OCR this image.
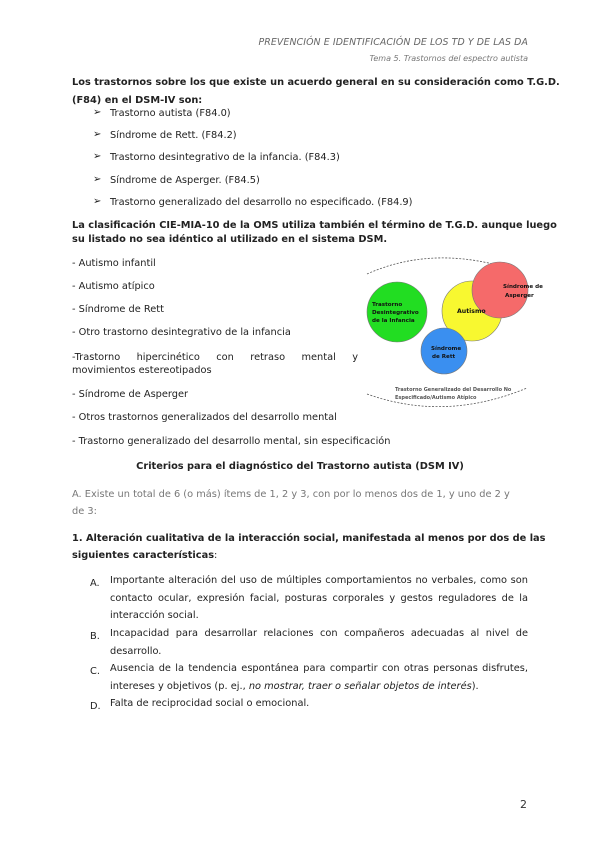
PREVENCIÓN E IDENTIFICACIÓN DE LOS TD Y DE LAS DA
Tema 5. Trastornos del espectro autista
Los trastornos sobre los que existe un acuerdo general en su consideración como T.G.D.
(F84) en el DSM-IV son:
➢ Trastorno autista (F84.0)
➢ Síndrome de Rett. (F84.2)
➢ Trastorno desintegrativo de la infancia. (F84.3)
➢ Síndrome de Asperger. (F84.5)
➢ Trastorno generalizado del desarrollo no especificado. (F84.9)
La clasificación CIE-MIA-10 de la OMS utiliza también el término de T.G.D. aunque luego
su listado no sea idéntico al utilizado en el sistema DSM.
- Autismo infantil
- Autismo atípico
- Síndrome de Rett
- Otro trastorno desintegrativo de la infancia
-Trastorno hipercinético con retraso mental y
movimientos estereotipados
- Síndrome de Asperger
- Otros trastornos generalizados del desarrollo mental
- Trastorno generalizado del desarrollo mental, sin especificación
Trastorno
Desintegrativo
de la Infancia
Autismo
Síndrome de
Asperger
Síndrome
de Rett
Trastorno Generalizado del Desarrollo No
Especificado/Autismo Atípico
Criterios para el diagnóstico del Trastorno autista (DSM IV)
A. Existe un total de 6 (o más) ítems de 1, 2 y 3, con por lo menos dos de 1, y uno de 2 y
de 3:
1. Alteración cualitativa de la interacción social, manifestada al menos por dos de las
siguientes características:
A. Importante alteración del uso de múltiples comportamientos no verbales, como son contacto ocular, expresión facial, posturas corporales y gestos reguladores de la interacción social.
B. Incapacidad para desarrollar relaciones con compañeros adecuadas al nivel de desarrollo.
C. Ausencia de la tendencia espontánea para compartir con otras personas disfrutes, intereses y objetivos (p. ej., no mostrar, traer o señalar objetos de interés).
D. Falta de reciprocidad social o emocional.
2
